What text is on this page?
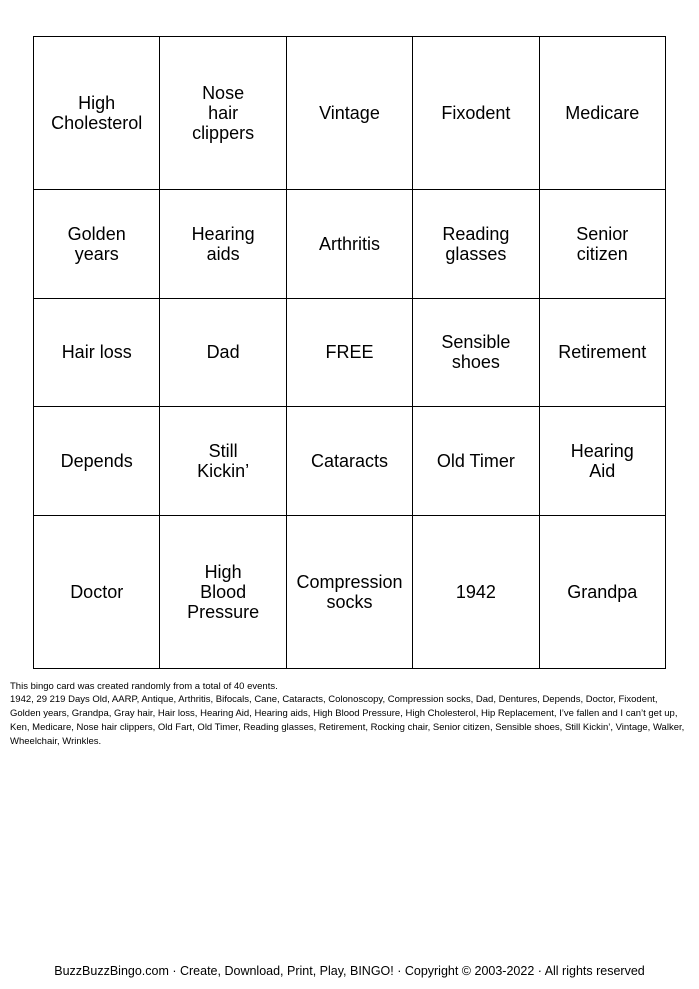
High
Cholesterol	Nose
hair
clippers	Vintage	Fixodent	Medicare
Golden
years	Hearing
aids	Arthritis	Reading
glasses	Senior
citizen
Hair loss	Dad	FREE	Sensible
shoes	Retirement
Depends	Still
Kickin’	Cataracts	Old Timer	Hearing
Aid
Doctor	High
Blood
Pressure	Compression
socks	1942	Grandpa

This bingo card was created randomly from a total of 40 events.

1942, 29 219 Days Old, AARP, Antique, Arthritis, Bifocals, Cane, Cataracts, Colonoscopy, Compression socks, Dad, Dentures, Depends, Doctor, Fixodent, Golden years, Grandpa, Gray hair, Hair loss, Hearing Aid, Hearing aids, High Blood Pressure, High Cholesterol, Hip Replacement, I’ve fallen and I can’t get up, Ken, Medicare, Nose hair clippers, Old Fart, Old Timer, Reading glasses, Retirement, Rocking chair, Senior citizen, Sensible shoes, Still Kickin’, Vintage, Walker, Wheelchair, Wrinkles.

BuzzBuzzBingo.com · Create, Download, Print, Play, BINGO! · Copyright © 2003-2022 · All rights reserved
